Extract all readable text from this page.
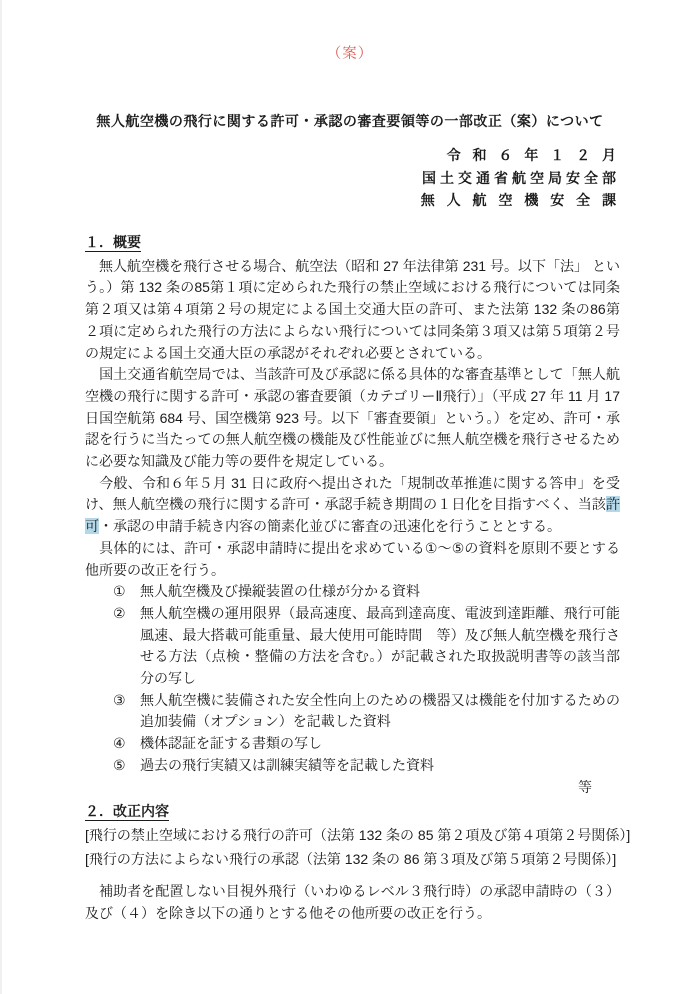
（案）
無人航空機の飛行に関する許可・承認の審査要領等の一部改正（案）について
令 和 ６ 年 １ ２ 月
国土交通省航空局安全部
無 人 航 空 機 安 全 課
１．概要

　無人航空機を飛行させる場合、航空法（昭和 27 年法律第 231 号。以下「法」 という。）第 132 条の85第１項に定められた飛行の禁止空域における飛行については同条第２項又は第４項第２号の規定による国土交通大臣の許可、また法第 132 条の86第２項に定められた飛行の方法によらない飛行については同条第３項又は第５項第２号の規定による国土交通大臣の承認がそれぞれ必要とされている。

　国土交通省航空局では、当該許可及び承認に係る具体的な審査基準として「無人航空機の飛行に関する許可・承認の審査要領（カテゴリーⅡ飛行）」（平成 27 年 11 月 17 日国空航第 684 号、国空機第 923 号。以下「審査要領」という。）を定め、許可・承認を行うに当たっての無人航空機の機能及び性能並びに無人航空機を飛行させるために必要な知識及び能力等の要件を規定している。

　今般、令和６年５月 31 日に政府へ提出された「規制改革推進に関する答申」を受け、無人航空機の飛行に関する許可・承認手続き期間の１日化を目指すべく、当該許可・承認の申請手続き内容の簡素化並びに審査の迅速化を行うこととする。

　具体的には、許可・承認申請時に提出を求めている①～⑤の資料を原則不要とする他所要の改正を行う。

①	無人航空機及び操縦装置の仕様が分かる資料
②	無人航空機の運用限界（最高速度、最高到達高度、電波到達距離、飛行可能風速、最大搭載可能重量、最大使用可能時間　等）及び無人航空機を飛行させる方法（点検・整備の方法を含む。）が記載された取扱説明書等の該当部分の写し
③	無人航空機に装備された安全性向上のための機器又は機能を付加するための追加装備（オプション）を記載した資料
④	機体認証を証する書類の写し
⑤	過去の飛行実績又は訓練実績等を記載した資料
等
２．改正内容

[飛行の禁止空域における飛行の許可（法第 132 条の 85 第２項及び第４項第２号関係）]

[飛行の方法によらない飛行の承認（法第 132 条の 86 第３項及び第５項第２号関係）]

　補助者を配置しない目視外飛行（いわゆるレベル３飛行時）の承認申請時の（３）及び（４）を除き以下の通りとする他その他所要の改正を行う。
